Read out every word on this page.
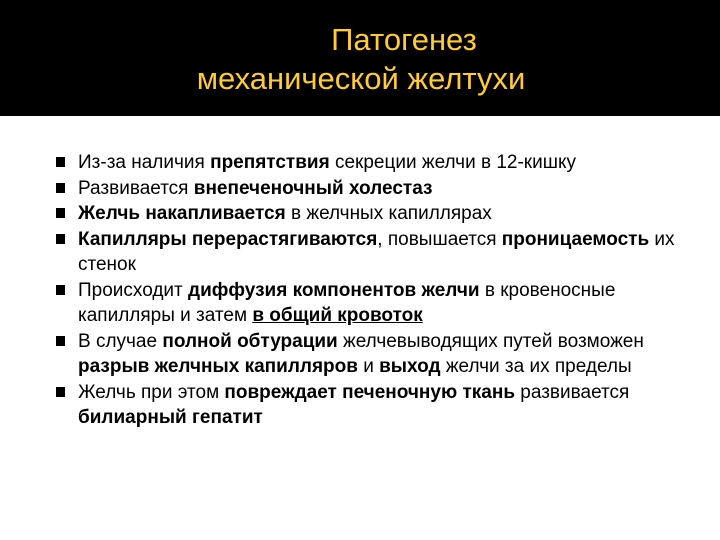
Патогенез
механической желтухи
Из-за наличия препятствия секреции желчи в 12-кишку
Развивается внепеченочный холестаз
Желчь накапливается в желчных капиллярах
Капилляры перерастягиваются, повышается проницаемость их стенок
Происходит диффузия компонентов желчи в кровеносные капилляры и затем в общий кровоток
В случае полной обтурации желчевыводящих путей возможен разрыв желчных капилляров и выход желчи за их пределы
Желчь при этом повреждает печеночную ткань развивается билиарный гепатит
